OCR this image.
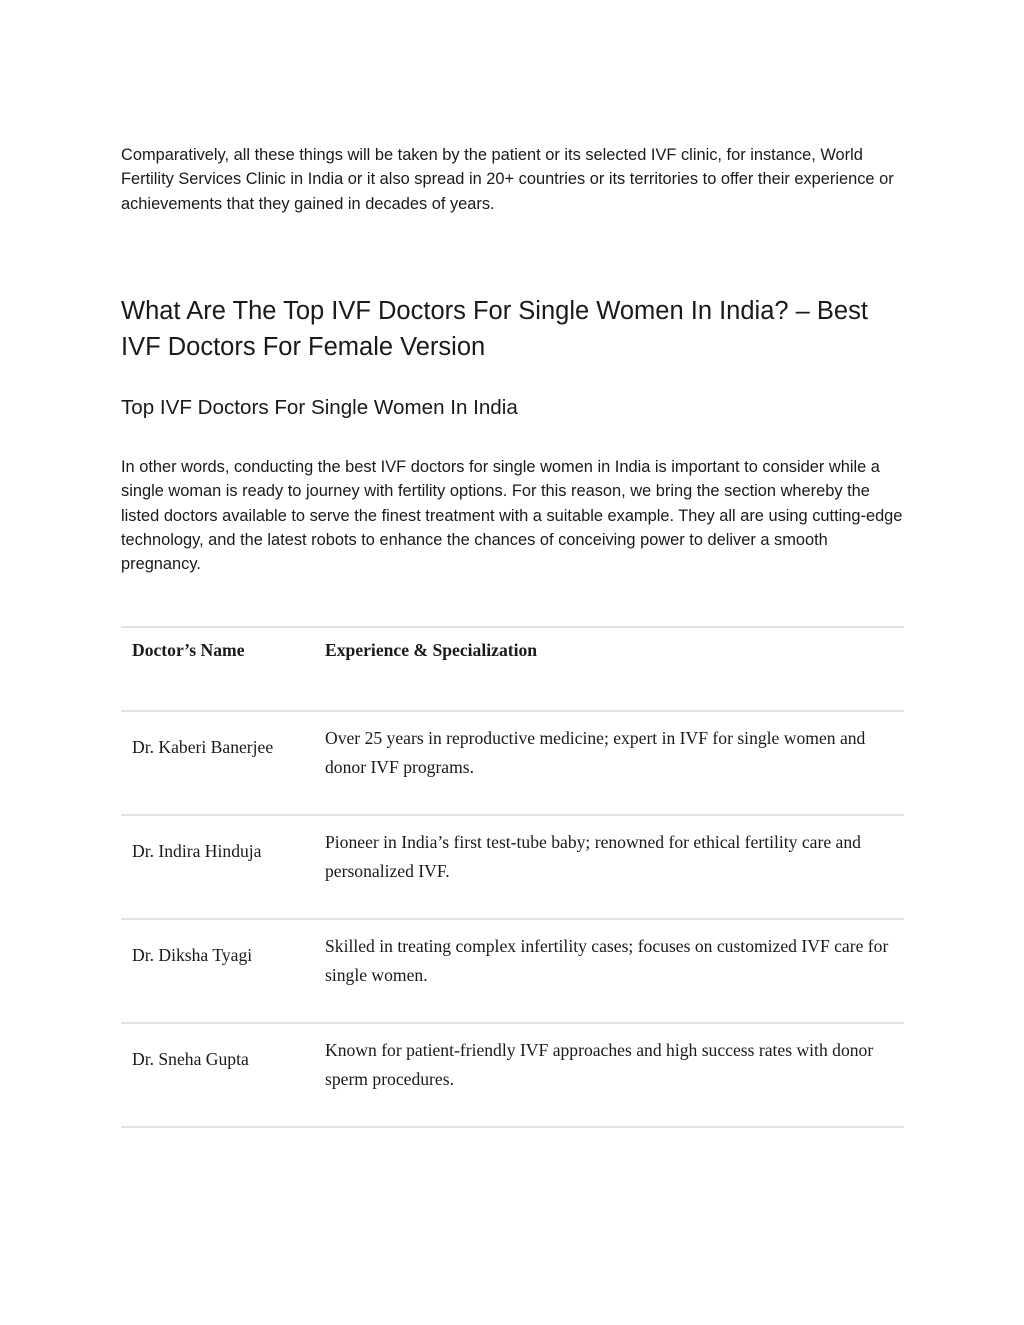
Comparatively, all these things will be taken by the patient or its selected IVF clinic, for instance, World Fertility Services Clinic in India or it also spread in 20+ countries or its territories to offer their experience or achievements that they gained in decades of years.

What Are The Top IVF Doctors For Single Women In India? – Best IVF Doctors For Female Version
Top IVF Doctors For Single Women In India

In other words, conducting the best IVF doctors for single women in India is important to consider while a single woman is ready to journey with fertility options. For this reason, we bring the section whereby the listed doctors available to serve the finest treatment with a suitable example. They all are using cutting-edge technology, and the latest robots to enhance the chances of conceiving power to deliver a smooth pregnancy.

Doctor’s Name	Experience & Specialization

Dr. Kaberi Banerjee	Over 25 years in reproductive medicine; expert in IVF for single women and donor IVF programs.

Dr. Indira Hinduja	Pioneer in India’s first test-tube baby; renowned for ethical fertility care and personalized IVF.

Dr. Diksha Tyagi	Skilled in treating complex infertility cases; focuses on customized IVF care for single women.

Dr. Sneha Gupta	Known for patient-friendly IVF approaches and high success rates with donor sperm procedures.
